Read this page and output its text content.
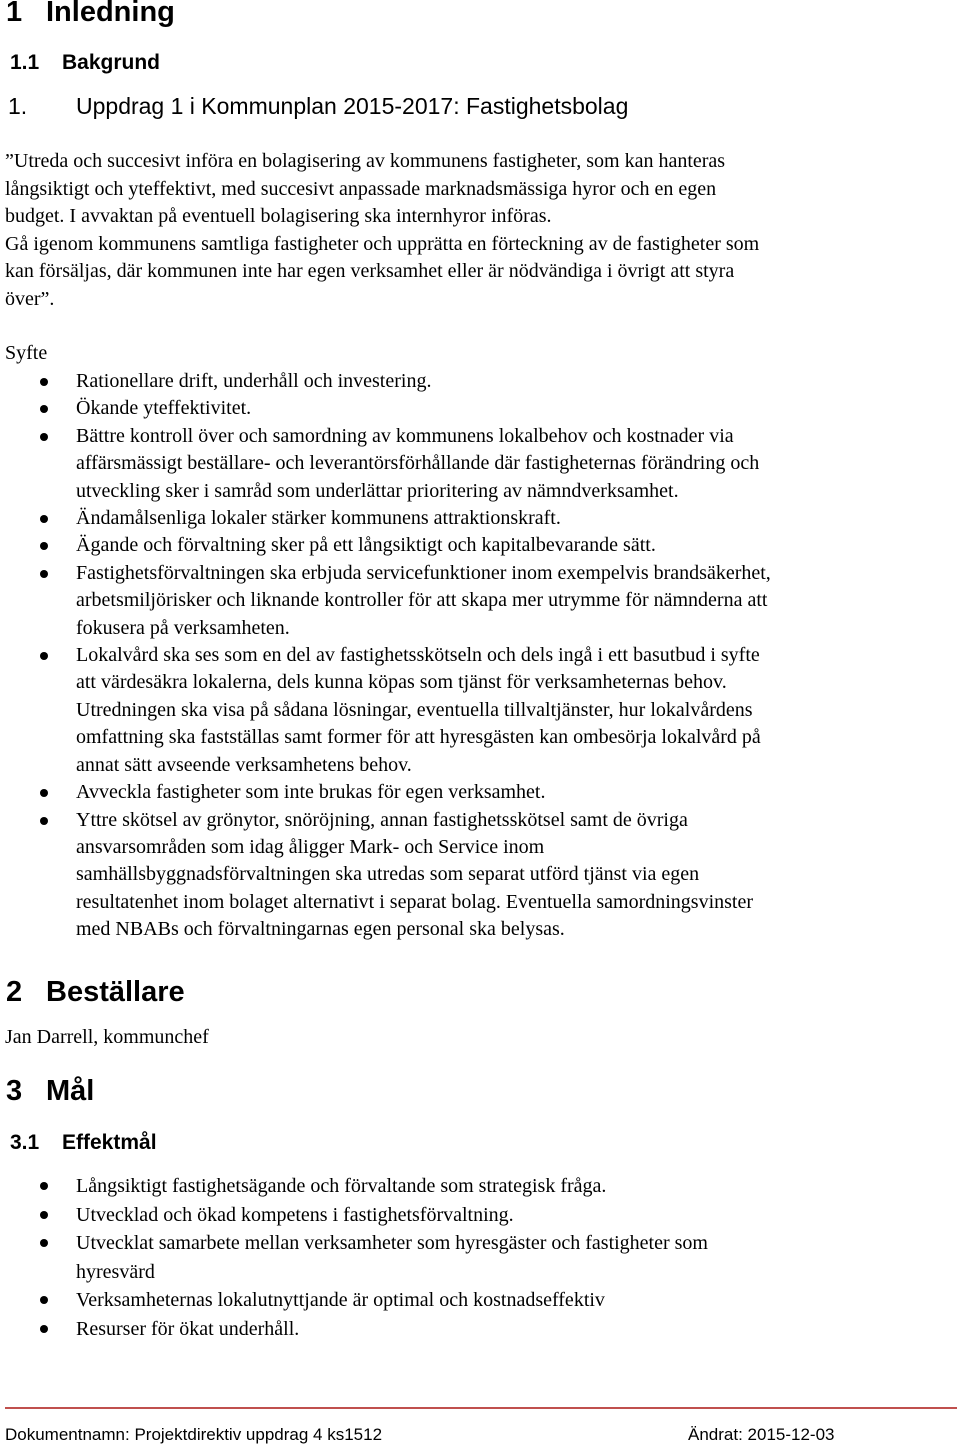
1 Inledning
1.1 Bakgrund
1. Uppdrag 1 i Kommunplan 2015-2017: Fastighetsbolag
”Utreda och succesivt införa en bolagisering av kommunens fastigheter, som kan hanteras
långsiktigt och yteffektivt, med succesivt anpassade marknadsmässiga hyror och en egen
budget. I avvaktan på eventuell bolagisering ska internhyror införas.
Gå igenom kommunens samtliga fastigheter och upprätta en förteckning av de fastigheter som
kan försäljas, där kommunen inte har egen verksamhet eller är nödvändiga i övrigt att styra
över”.
Syfte
Rationellare drift, underhåll och investering.
Ökande yteffektivitet.
Bättre kontroll över och samordning av kommunens lokalbehov och kostnader via
affärsmässigt beställare- och leverantörsförhållande där fastigheternas förändring och
utveckling sker i samråd som underlättar prioritering av nämndverksamhet.
Ändamålsenliga lokaler stärker kommunens attraktionskraft.
Ägande och förvaltning sker på ett långsiktigt och kapitalbevarande sätt.
Fastighetsförvaltningen ska erbjuda servicefunktioner inom exempelvis brandsäkerhet,
arbetsmiljörisker och liknande kontroller för att skapa mer utrymme för nämnderna att
fokusera på verksamheten.
Lokalvård ska ses som en del av fastighetsskötseln och dels ingå i ett basutbud i syfte
att värdesäkra lokalerna, dels kunna köpas som tjänst för verksamheternas behov.
Utredningen ska visa på sådana lösningar, eventuella tillvaltjänster, hur lokalvårdens
omfattning ska fastställas samt former för att hyresgästen kan ombesörja lokalvård på
annat sätt avseende verksamhetens behov.
Avveckla fastigheter som inte brukas för egen verksamhet.
Yttre skötsel av grönytor, snöröjning, annan fastighetsskötsel samt de övriga
ansvarsområden som idag åligger Mark- och Service inom
samhällsbyggnadsförvaltningen ska utredas som separat utförd tjänst via egen
resultatenhet inom bolaget alternativt i separat bolag. Eventuella samordningsvinster
med NBABs och förvaltningarnas egen personal ska belysas.
2 Beställare
Jan Darrell, kommunchef
3 Mål
3.1 Effektmål
Långsiktigt fastighetsägande och förvaltande som strategisk fråga.
Utvecklad och ökad kompetens i fastighetsförvaltning.
Utvecklat samarbete mellan verksamheter som hyresgäster och fastigheter som
hyresvärd
Verksamheternas lokalutnyttjande är optimal och kostnadseffektiv
Resurser för ökat underhåll.
Dokumentnamn: Projektdirektiv uppdrag 4 ks1512	Ändrat: 2015-12-03
